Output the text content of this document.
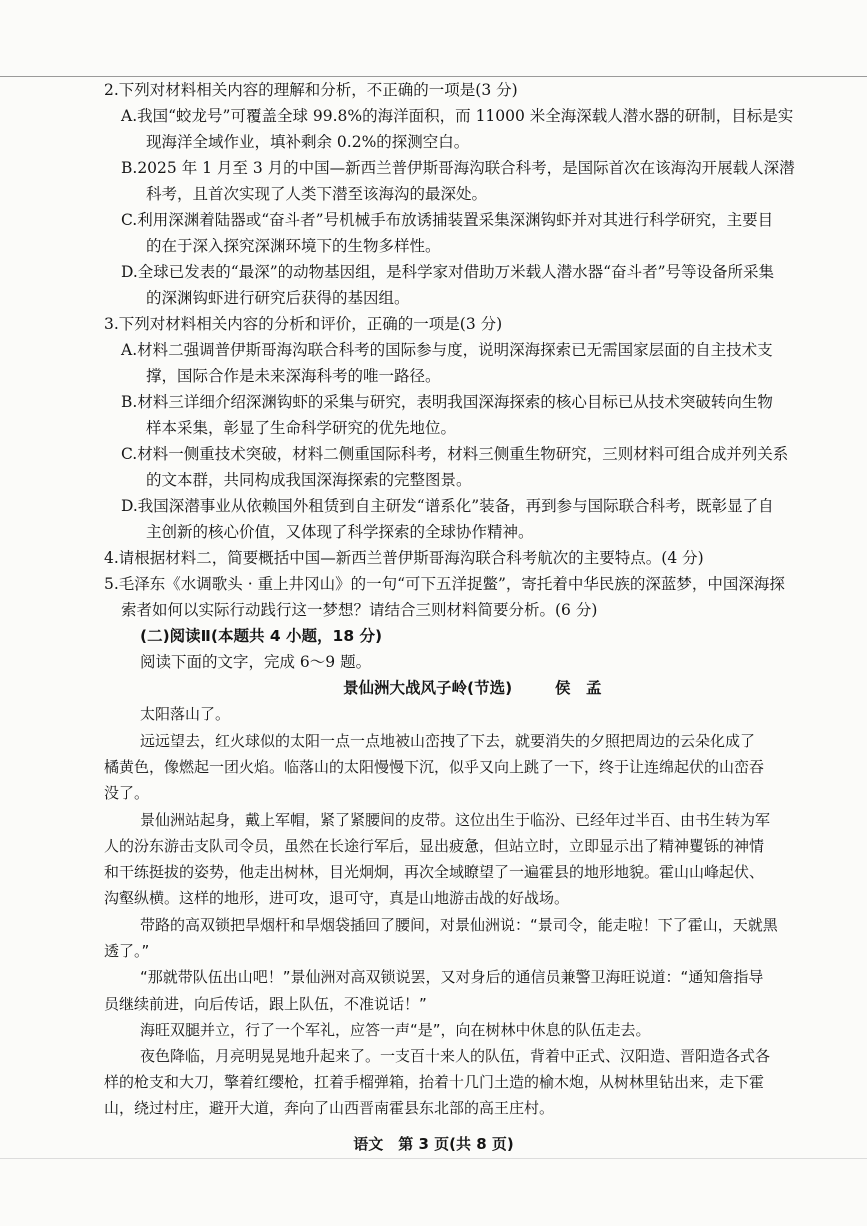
2.下列对材料相关内容的理解和分析，不正确的一项是(3 分)
A.我国“蛟龙号”可覆盖全球 99.8%的海洋面积，而 11000 米全海深载人潜水器的研制，目标是实
现海洋全域作业，填补剩余 0.2%的探测空白。
B.2025 年 1 月至 3 月的中国—新西兰普伊斯哥海沟联合科考，是国际首次在该海沟开展载人深潜
科考，且首次实现了人类下潜至该海沟的最深处。
C.利用深渊着陆器或“奋斗者”号机械手布放诱捕装置采集深渊钩虾并对其进行科学研究，主要目
的在于深入探究深渊环境下的生物多样性。
D.全球已发表的“最深”的动物基因组，是科学家对借助万米载人潜水器“奋斗者”号等设备所采集
的深渊钩虾进行研究后获得的基因组。
3.下列对材料相关内容的分析和评价，正确的一项是(3 分)
A.材料二强调普伊斯哥海沟联合科考的国际参与度，说明深海探索已无需国家层面的自主技术支
撑，国际合作是未来深海科考的唯一路径。
B.材料三详细介绍深渊钩虾的采集与研究，表明我国深海探索的核心目标已从技术突破转向生物
样本采集，彰显了生命科学研究的优先地位。
C.材料一侧重技术突破，材料二侧重国际科考，材料三侧重生物研究，三则材料可组合成并列关系
的文本群，共同构成我国深海探索的完整图景。
D.我国深潜事业从依赖国外租赁到自主研发“谱系化”装备，再到参与国际联合科考，既彰显了自
主创新的核心价值，又体现了科学探索的全球协作精神。
4.请根据材料二，简要概括中国—新西兰普伊斯哥海沟联合科考航次的主要特点。(4 分)
5.毛泽东《水调歌头 · 重上井冈山》的一句“可下五洋捉鳖”，寄托着中华民族的深蓝梦，中国深海探
索者如何以实际行动践行这一梦想？请结合三则材料简要分析。(6 分)
(二)阅读Ⅱ(本题共 4 小题，18 分)
阅读下面的文字，完成 6～9 题。
景仙洲大战风子岭(节选)	侯　孟
太阳落山了。
远远望去，红火球似的太阳一点一点地被山峦拽了下去，就要消失的夕照把周边的云朵化成了
橘黄色，像燃起一团火焰。临落山的太阳慢慢下沉，似乎又向上跳了一下，终于让连绵起伏的山峦吞
没了。
景仙洲站起身，戴上军帽，紧了紧腰间的皮带。这位出生于临汾、已经年过半百、由书生转为军
人的汾东游击支队司令员，虽然在长途行军后，显出疲惫，但站立时，立即显示出了精神矍铄的神情
和干练挺拔的姿势，他走出树林，目光炯炯，再次全域瞭望了一遍霍县的地形地貌。霍山山峰起伏、
沟壑纵横。这样的地形，进可攻，退可守，真是山地游击战的好战场。
带路的高双锁把旱烟杆和旱烟袋插回了腰间，对景仙洲说：“景司令，能走啦！下了霍山，天就黑
透了。”
“那就带队伍出山吧！”景仙洲对高双锁说罢，又对身后的通信员兼警卫海旺说道：“通知詹指导
员继续前进，向后传话，跟上队伍，不准说话！”
海旺双腿并立，行了一个军礼，应答一声“是”，向在树林中休息的队伍走去。
夜色降临，月亮明晃晃地升起来了。一支百十来人的队伍，背着中正式、汉阳造、晋阳造各式各
样的枪支和大刀，擎着红缨枪，扛着手榴弹箱，抬着十几门土造的榆木炮，从树林里钻出来，走下霍
山，绕过村庄，避开大道，奔向了山西晋南霍县东北部的高王庄村。
语文　第 3 页(共 8 页)
